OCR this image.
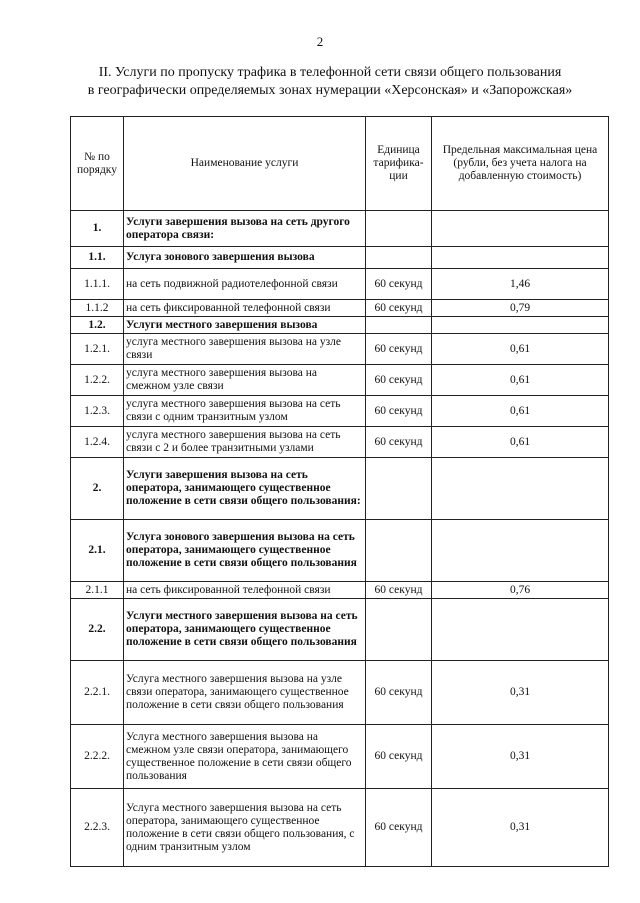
2
II. Услуги по пропуску трафика в телефонной сети связи общего пользования
в географически определяемых зонах нумерации «Херсонская» и «Запорожская»
№ по порядку	Наименование услуги	Единица тарифика-ции	Предельная максимальная цена (рубли, без учета налога на добавленную стоимость)
1.	Услуги завершения вызова на сеть другого оператора связи:		
1.1.	Услуга зонового завершения вызова		
1.1.1.	на сеть подвижной радиотелефонной связи	60 секунд	1,46
1.1.2	на сеть фиксированной телефонной связи	60 секунд	0,79
1.2.	Услуги местного завершения вызова		
1.2.1.	услуга местного завершения вызова на узле связи	60 секунд	0,61
1.2.2.	услуга местного завершения вызова на смежном узле связи	60 секунд	0,61
1.2.3.	услуга местного завершения вызова на сеть связи с одним транзитным узлом	60 секунд	0,61
1.2.4.	услуга местного завершения вызова на сеть связи с 2 и более транзитными узлами	60 секунд	0,61
2.	Услуги завершения вызова на сеть оператора, занимающего существенное положение в сети связи общего пользования:		
2.1.	Услуга зонового завершения вызова на сеть оператора, занимающего существенное положение в сети связи общего пользования		
2.1.1	на сеть фиксированной телефонной связи	60 секунд	0,76
2.2.	Услуги местного завершения вызова на сеть оператора, занимающего существенное положение в сети связи общего пользования		
2.2.1.	Услуга местного завершения вызова на узле связи оператора, занимающего существенное положение в сети связи общего пользования	60 секунд	0,31
2.2.2.	Услуга местного завершения вызова на смежном узле связи оператора, занимающего существенное положение в сети связи общего пользования	60 секунд	0,31
2.2.3.	Услуга местного завершения вызова на сеть оператора, занимающего существенное положение в сети связи общего пользования, с одним транзитным узлом	60 секунд	0,31
